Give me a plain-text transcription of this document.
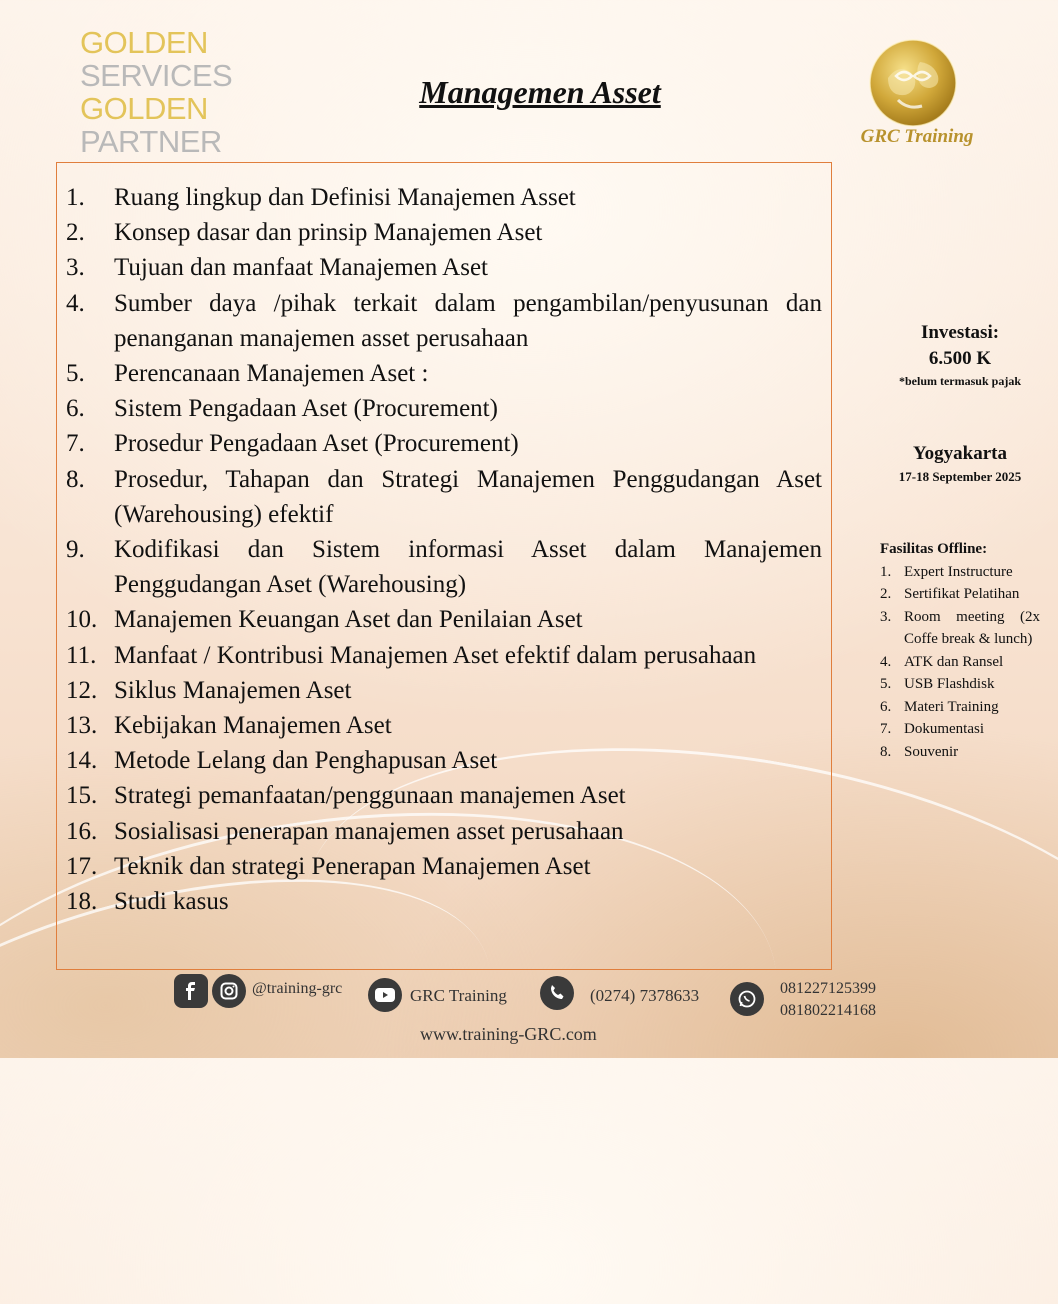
GOLDEN
SERVICES
GOLDEN
PARTNER
Managemen Asset
GRC Training
1. Ruang lingkup dan Definisi Manajemen Asset
2. Konsep dasar dan prinsip Manajemen Aset
3. Tujuan dan manfaat Manajemen Aset
4. Sumber daya /pihak terkait dalam pengambilan/penyusunan dan penanganan manajemen asset perusahaan
5. Perencanaan Manajemen Aset :
6. Sistem Pengadaan Aset (Procurement)
7. Prosedur Pengadaan Aset (Procurement)
8. Prosedur, Tahapan dan Strategi Manajemen Penggudangan Aset (Warehousing) efektif
9. Kodifikasi dan Sistem informasi Asset dalam Manajemen Penggudangan Aset (Warehousing)
10. Manajemen Keuangan Aset dan Penilaian Aset
11. Manfaat / Kontribusi Manajemen Aset efektif dalam perusahaan
12. Siklus Manajemen Aset
13. Kebijakan Manajemen Aset
14. Metode Lelang dan Penghapusan Aset
15. Strategi pemanfaatan/penggunaan manajemen Aset
16. Sosialisasi penerapan manajemen asset perusahaan
17. Teknik dan strategi Penerapan Manajemen Aset
18. Studi kasus
Investasi:
6.500 K
*belum termasuk pajak
Yogyakarta
17-18 September 2025
Fasilitas Offline:
1. Expert Instructure
2. Sertifikat Pelatihan
3. Room meeting (2x Coffe break & lunch)
4. ATK dan Ransel
5. USB Flashdisk
6. Materi Training
7. Dokumentasi
8. Souvenir
@training-grc	GRC Training	(0274) 7378633	081227125399
081802214168
www.training-GRC.com
